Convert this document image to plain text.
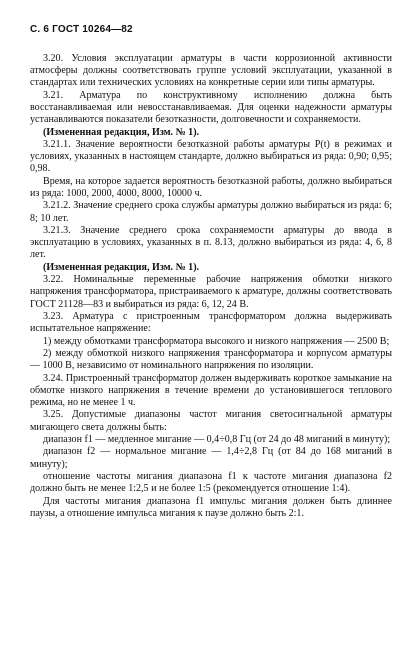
С. 6 ГОСТ 10264—82

3.20. Условия эксплуатации арматуры в части коррозионной активности атмосферы должны соответствовать группе условий эксплуатации, указанной в стандартах или технических условиях на конкретные серии или типы арматуры.

3.21. Арматура по конструктивному исполнению должна быть восстанавливаемая или невосстанавливаемая. Для оценки надежности арматуры устанавливаются показатели безотказности, долговечности и сохраняемости.

(Измененная редакция, Изм. № 1).

3.21.1. Значение вероятности безотказной работы арматуры P(t) в режимах и условиях, указанных в настоящем стандарте, должно выбираться из ряда: 0,90; 0,95; 0,98.

Время, на которое задается вероятность безотказной работы, должно выбираться из ряда: 1000, 2000, 4000, 8000, 10000 ч.

3.21.2. Значение среднего срока службы арматуры должно выбираться из ряда: 6; 8; 10 лет.

3.21.3. Значение среднего срока сохраняемости арматуры до ввода в эксплуатацию в условиях, указанных в п. 8.13, должно выбираться из ряда: 4, 6, 8 лет.

(Измененная редакция, Изм. № 1).

3.22. Номинальные переменные рабочие напряжения обмотки низкого напряжения трансформатора, пристраиваемого к арматуре, должны соответствовать ГОСТ 21128—83 и выбираться из ряда: 6, 12, 24 В.

3.23. Арматура с пристроенным трансформатором должна выдерживать испытательное напряжение:

1) между обмотками трансформатора высокого и низкого напряжения — 2500 В;

2) между обмоткой низкого напряжения трансформатора и корпусом арматуры — 1000 В, независимо от номинального напряжения по изоляции.

3.24. Пристроенный трансформатор должен выдерживать короткое замыкание на обмотке низкого напряжения в течение времени до установившегося теплового режима, но не менее 1 ч.

3.25. Допустимые диапазоны частот мигания светосигнальной арматуры мигающего света должны быть:

диапазон f1 — медленное мигание — 0,4÷0,8 Гц (от 24 до 48 миганий в минуту);

диапазон f2 — нормальное мигание — 1,4÷2,8 Гц (от 84 до 168 миганий в минуту);

отношение частоты мигания диапазона f1 к частоте мигания диапазона f2 должно быть не менее 1:2,5 и не более 1:5 (рекомендуется отношение 1:4).

Для частоты мигания диапазона f1 импульс мигания должен быть длиннее паузы, а отношение импульса мигания к паузе должно быть 2:1.
